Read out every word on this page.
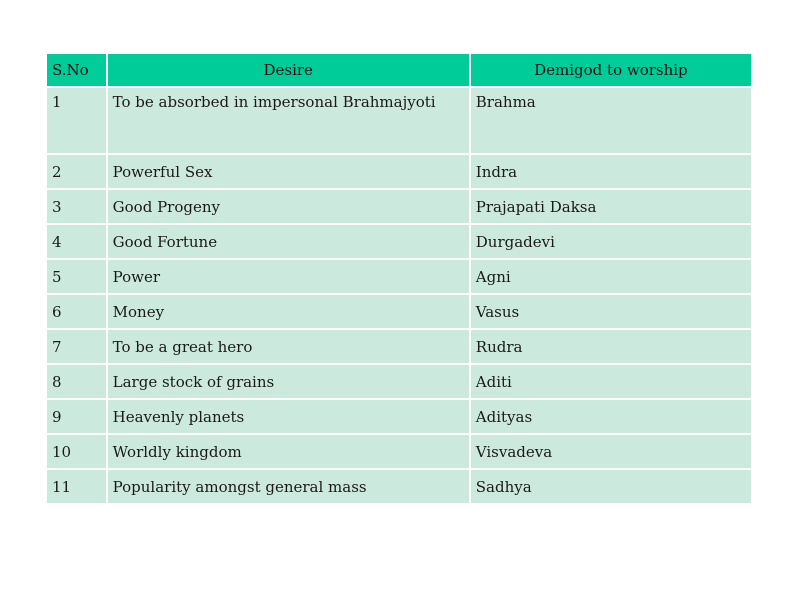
S.No	Desire	Demigod to worship
1	To be absorbed in impersonal Brahmajyoti	Brahma
2	Powerful Sex	Indra
3	Good Progeny	Prajapati Daksa
4	Good Fortune	Durgadevi
5	Power	Agni
6	Money	Vasus
7	To be a great hero	Rudra
8	Large stock of grains	Aditi
9	Heavenly planets	Adityas
10	Worldly kingdom	Visvadeva
11	Popularity amongst general mass	Sadhya
